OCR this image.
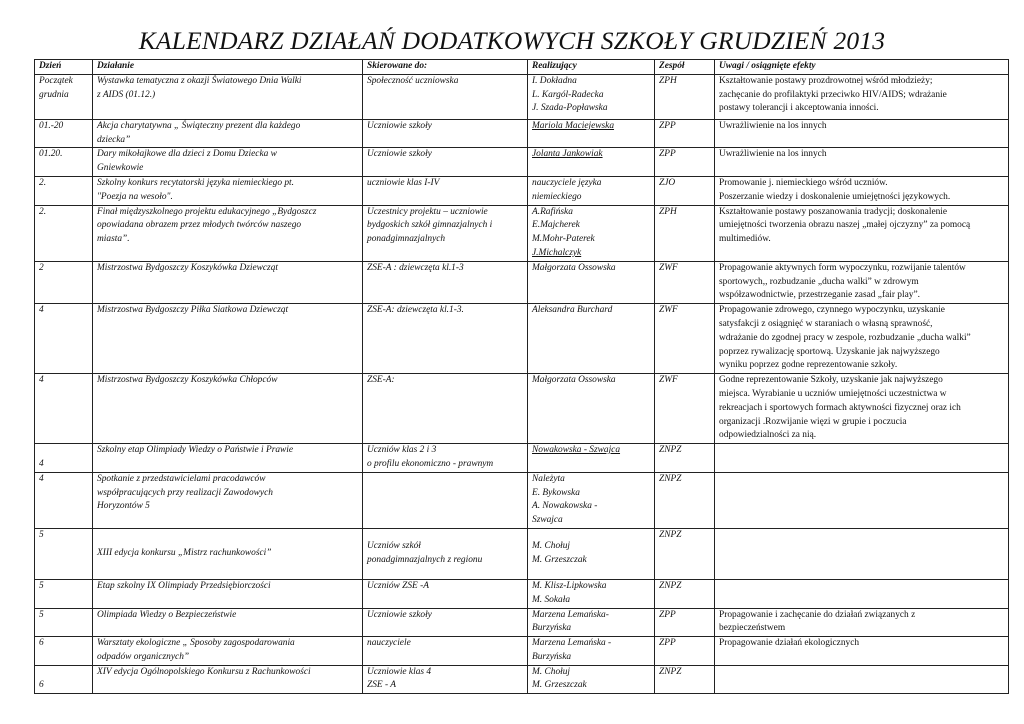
KALENDARZ DZIAŁAŃ DODATKOWYCH SZKOŁY GRUDZIEŃ 2013
Dzień	Działanie	Skierowane do:	Realizujący	Zespół	Uwagi / osiągnięte efekty

Początek
grudnia	Wystawka tematyczna z okazji Światowego Dnia Walki
z AIDS (01.12.)	Społeczność uczniowska	I. Dokładna
L. Kargól-Radecka
J. Szada-Popławska	ZPH	Kształtowanie postawy prozdrowotnej wśród młodzieży;
zachęcanie do profilaktyki przeciwko HIV/AIDS; wdrażanie
postawy tolerancji i akceptowania inności.

01.-20	Akcja charytatywna „ Świąteczny prezent dla każdego
dziecka”	Uczniowie szkoły	Mariola Maciejewska	ZPP	Uwrażliwienie na los innych

01.20.	Dary mikołajkowe dla dzieci z Domu Dziecka w
Gniewkowie	Uczniowie szkoły	Jolanta Jankowiak	ZPP	Uwrażliwienie na los innych

2.	Szkolny konkurs recytatorski języka niemieckiego pt.
"Poezja na wesoło".	uczniowie klas I-IV	nauczyciele języka
niemieckiego	ZJO	Promowanie j. niemieckiego wśród uczniów.
Poszerzanie wiedzy i doskonalenie umiejętności językowych.

2.	Finał międzyszkolnego projektu edukacyjnego „Bydgoszcz
opowiadana obrazem przez młodych twórców naszego
miasta”.	Uczestnicy projektu – uczniowie
bydgoskich szkół gimnazjalnych i
ponadgimnazjalnych	A.Rafińska
E.Majcherek
M.Mohr-Paterek
J.Michalczyk	ZPH	Kształtowanie postawy poszanowania tradycji; doskonalenie
umiejętności tworzenia obrazu naszej „małej ojczyzny” za pomocą
multimediów.

2	Mistrzostwa Bydgoszczy Koszykówka Dziewcząt	ZSE-A : dziewczęta kl.1-3	Małgorzata Ossowska	ZWF	Propagowanie aktywnych form wypoczynku, rozwijanie talentów
sportowych,, rozbudzanie „ducha walki” w zdrowym
współzawodnictwie, przestrzeganie zasad „fair play”.

4	Mistrzostwa Bydgoszczy Piłka Siatkowa Dziewcząt	ZSE-A: dziewczęta kl.1-3.	Aleksandra Burchard	ZWF	Propagowanie zdrowego, czynnego wypoczynku, uzyskanie
satysfakcji z osiągnięć w staraniach o własną sprawność,
wdrażanie do zgodnej pracy w zespole, rozbudzanie „ducha walki”
poprzez rywalizację sportową. Uzyskanie jak najwyższego
wyniku poprzez godne reprezentowanie szkoły.

4	Mistrzostwa Bydgoszczy Koszykówka Chłopców	ZSE-A:	Małgorzata Ossowska	ZWF	Godne reprezentowanie Szkoły, uzyskanie jak najwyższego
miejsca. Wyrabianie u uczniów umiejętności uczestnictwa w
rekreacjach i sportowych formach aktywności fizycznej oraz ich
organizacji .Rozwijanie więzi w grupie i poczucia
odpowiedzialności za nią.

4	Szkolny etap Olimpiady Wiedzy o Państwie i Prawie	Uczniów klas 2 i 3
o profilu ekonomiczno - prawnym	Nowakowska - Szwajca	ZNPZ	

4	Spotkanie z przedstawicielami pracodawców
współpracujących przy realizacji Zawodowych
Horyzontów 5		Należyta
E. Bykowska
A. Nowakowska -
Szwajca	ZNPZ	

5	XIII edycja konkursu „Mistrz rachunkowości”	Uczniów szkół
ponadgimnazjalnych z regionu	M. Chołuj
M. Grzeszczak	ZNPZ	

5	Etap szkolny IX Olimpiady Przedsiębiorczości	Uczniów ZSE -A	M. Klisz-Lipkowska
M. Sokała	ZNPZ	

5	Olimpiada Wiedzy o Bezpieczeństwie	Uczniowie szkoły	Marzena Lemańska-
Burzyńska	ZPP	Propagowanie i zachęcanie do działań związanych z
bezpieczeństwem

6	Warsztaty ekologiczne „ Sposoby zagospodarowania
odpadów organicznych”	nauczyciele	Marzena Lemańska -
Burzyńska	ZPP	Propagowanie działań ekologicznych

6	XIV edycja Ogólnopolskiego Konkursu z Rachunkowości	Uczniowie klas 4
ZSE - A	M. Chołuj
M. Grzeszczak	ZNPZ	
